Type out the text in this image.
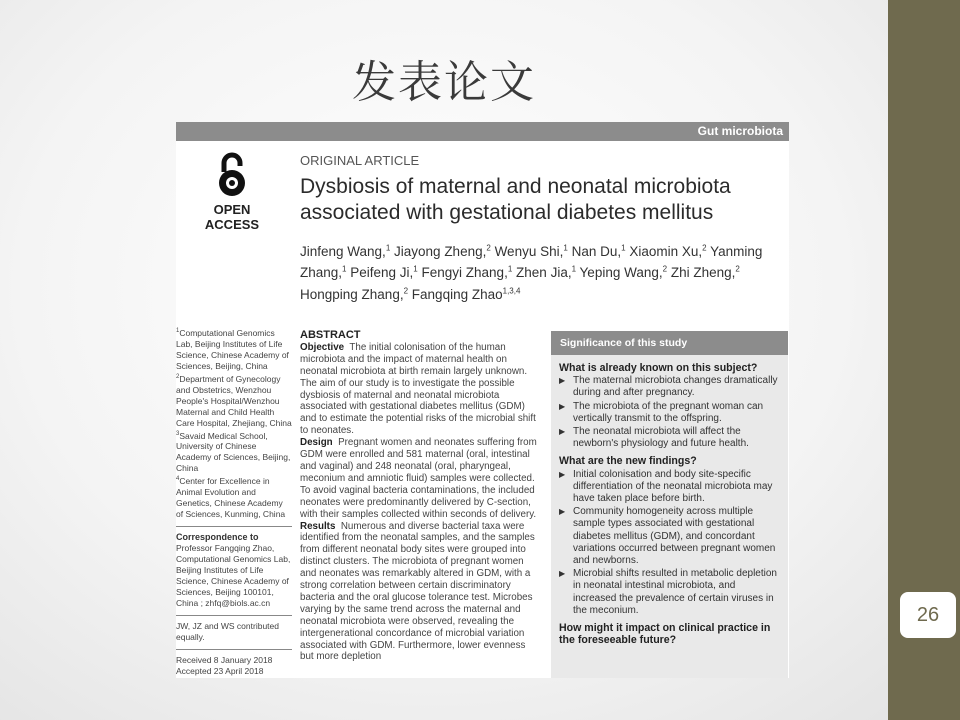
发表论文
26
Gut microbiota
OPEN ACCESS
ORIGINAL ARTICLE
Dysbiosis of maternal and neonatal microbiota associated with gestational diabetes mellitus
Jinfeng Wang,$^1$ Jiayong Zheng,$^2$ Wenyu Shi,$^1$ Nan Du,$^1$ Xiaomin Xu,$^2$ Yanming Zhang,$^1$ Peifeng Ji,$^1$ Fengyi Zhang,$^1$ Zhen Jia,$^1$ Yeping Wang,$^2$ Zhi Zheng,$^2$ Hongping Zhang,$^2$ Fangqing Zhao$^{1,3,4}$
$^1$Computational Genomics Lab, Beijing Institutes of Life Science, Chinese Academy of Sciences, Beijing, China
$^2$Department of Gynecology and Obstetrics, Wenzhou People's Hospital/Wenzhou Maternal and Child Health Care Hospital, Zhejiang, China
$^3$Savaid Medical School, University of Chinese Academy of Sciences, Beijing, China
$^4$Center for Excellence in Animal Evolution and Genetics, Chinese Academy of Sciences, Kunming, China
Correspondence to
Professor Fangqing Zhao, Computational Genomics Lab, Beijing Institutes of Life Science, Chinese Academy of Sciences, Beijing 100101, China ; zhfq@biols.ac.cn
JW, JZ and WS contributed equally.
Received 8 January 2018
Accepted 23 April 2018
ABSTRACT
Objective The initial colonisation of the human microbiota and the impact of maternal health on neonatal microbiota at birth remain largely unknown. The aim of our study is to investigate the possible dysbiosis of maternal and neonatal microbiota associated with gestational diabetes mellitus (GDM) and to estimate the potential risks of the microbial shift to neonates.
Design Pregnant women and neonates suffering from GDM were enrolled and 581 maternal (oral, intestinal and vaginal) and 248 neonatal (oral, pharyngeal, meconium and amniotic fluid) samples were collected. To avoid vaginal bacteria contaminations, the included neonates were predominantly delivered by C-section, with their samples collected within seconds of delivery.
Results Numerous and diverse bacterial taxa were identified from the neonatal samples, and the samples from different neonatal body sites were grouped into distinct clusters. The microbiota of pregnant women and neonates was remarkably altered in GDM, with a strong correlation between certain discriminatory bacteria and the oral glucose tolerance test. Microbes varying by the same trend across the maternal and neonatal microbiota were observed, revealing the intergenerational concordance of microbial variation associated with GDM. Furthermore, lower evenness but more depletion
Significance of this study
What is already known on this subject?
▶ The maternal microbiota changes dramatically during and after pregnancy.
▶ The microbiota of the pregnant woman can vertically transmit to the offspring.
▶ The neonatal microbiota will affect the newborn's physiology and future health.
What are the new findings?
▶ Initial colonisation and body site-specific differentiation of the neonatal microbiota may have taken place before birth.
▶ Community homogeneity across multiple sample types associated with gestational diabetes mellitus (GDM), and concordant variations occurred between pregnant women and newborns.
▶ Microbial shifts resulted in metabolic depletion in neonatal intestinal microbiota, and increased the prevalence of certain viruses in the meconium.
How might it impact on clinical practice in the foreseeable future?
